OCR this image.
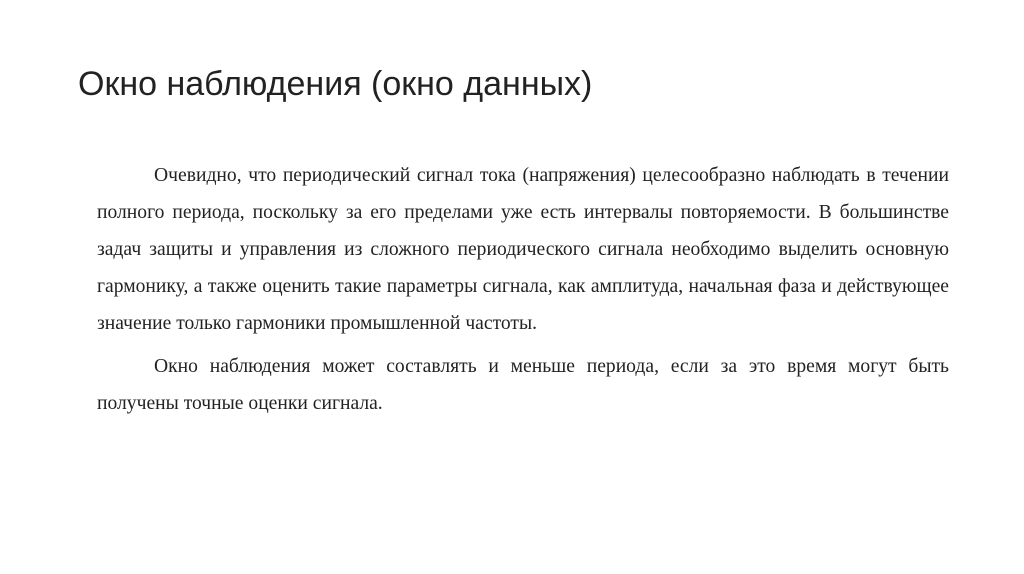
Окно наблюдения (окно данных)

Очевидно, что периодический сигнал тока (напряжения) целесообразно наблюдать в течении полного периода, поскольку за его пределами уже есть интервалы повторяемости. В большинстве задач защиты и управления из сложного периодического сигнала необходимо выделить основную гармонику, а также оценить такие параметры сигнала, как амплитуда, начальная фаза и действующее значение только гармоники промышленной частоты.

Окно наблюдения может составлять и меньше периода, если за это время могут быть получены точные оценки сигнала.
